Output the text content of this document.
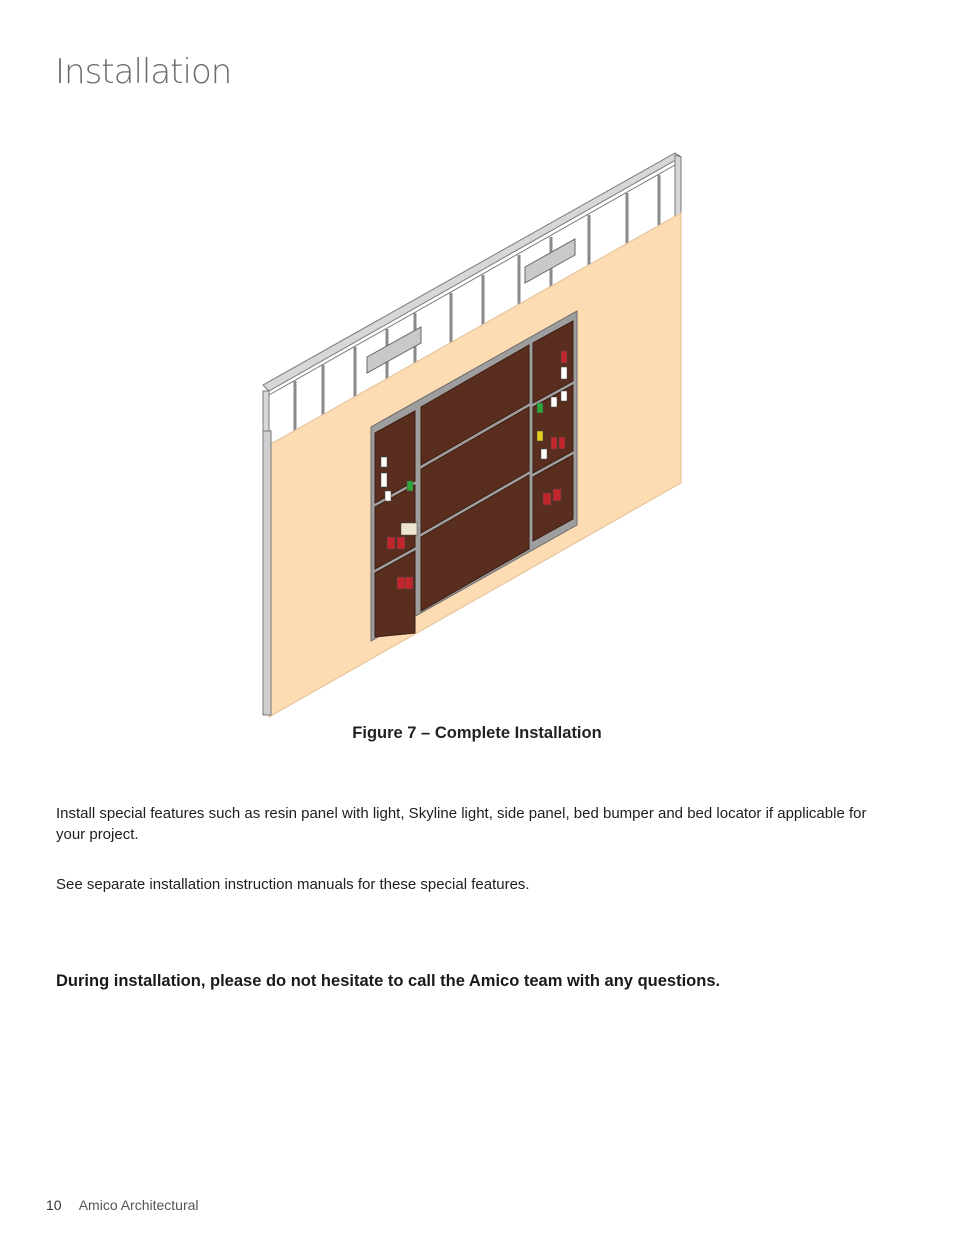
Installation
Figure 7 – Complete Installation
Install special features such as resin panel with light, Skyline light, side panel, bed bumper and bed locator if applicable for your project.
See separate installation instruction manuals for these special features.
During installation, please do not hesitate to call the Amico team with any questions.
10 Amico Architectural
